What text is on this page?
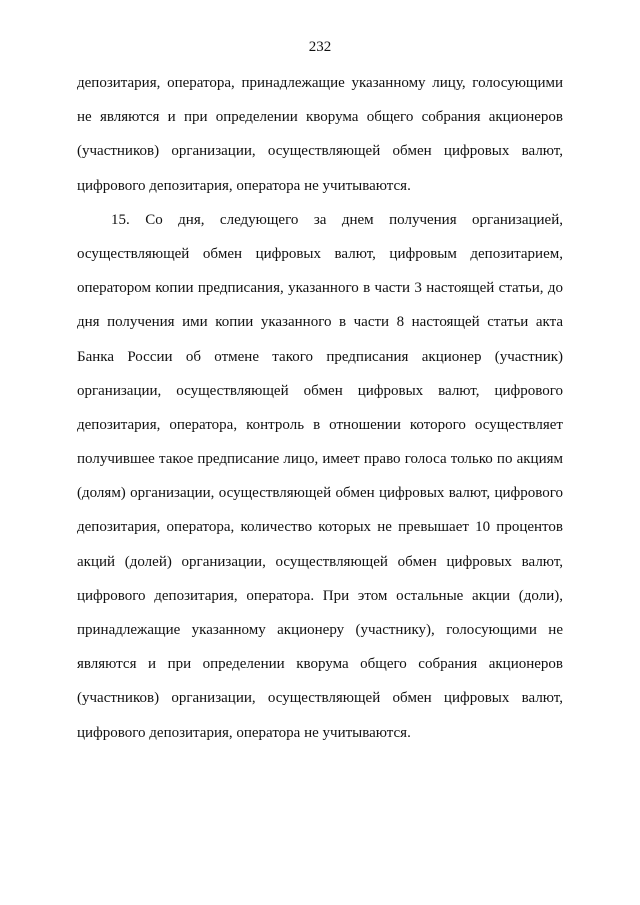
232
депозитария, оператора, принадлежащие указанному лицу, голосующими
не являются и при определении кворума общего собрания акционеров
(участников) организации, осуществляющей обмен цифровых валют,
цифрового депозитария, оператора не учитываются.
15. Со дня, следующего за днем получения организацией,
осуществляющей обмен цифровых валют, цифровым депозитарием,
оператором копии предписания, указанного в части 3 настоящей статьи, до
дня получения ими копии указанного в части 8 настоящей статьи акта
Банка России об отмене такого предписания акционер (участник)
организации, осуществляющей обмен цифровых валют, цифрового
депозитария, оператора, контроль в отношении которого осуществляет
получившее такое предписание лицо, имеет право голоса только по акциям
(долям) организации, осуществляющей обмен цифровых валют, цифрового
депозитария, оператора, количество которых не превышает 10 процентов
акций (долей) организации, осуществляющей обмен цифровых валют,
цифрового депозитария, оператора. При этом остальные акции (доли),
принадлежащие указанному акционеру (участнику), голосующими не
являются и при определении кворума общего собрания акционеров
(участников) организации, осуществляющей обмен цифровых валют,
цифрового депозитария, оператора не учитываются.
